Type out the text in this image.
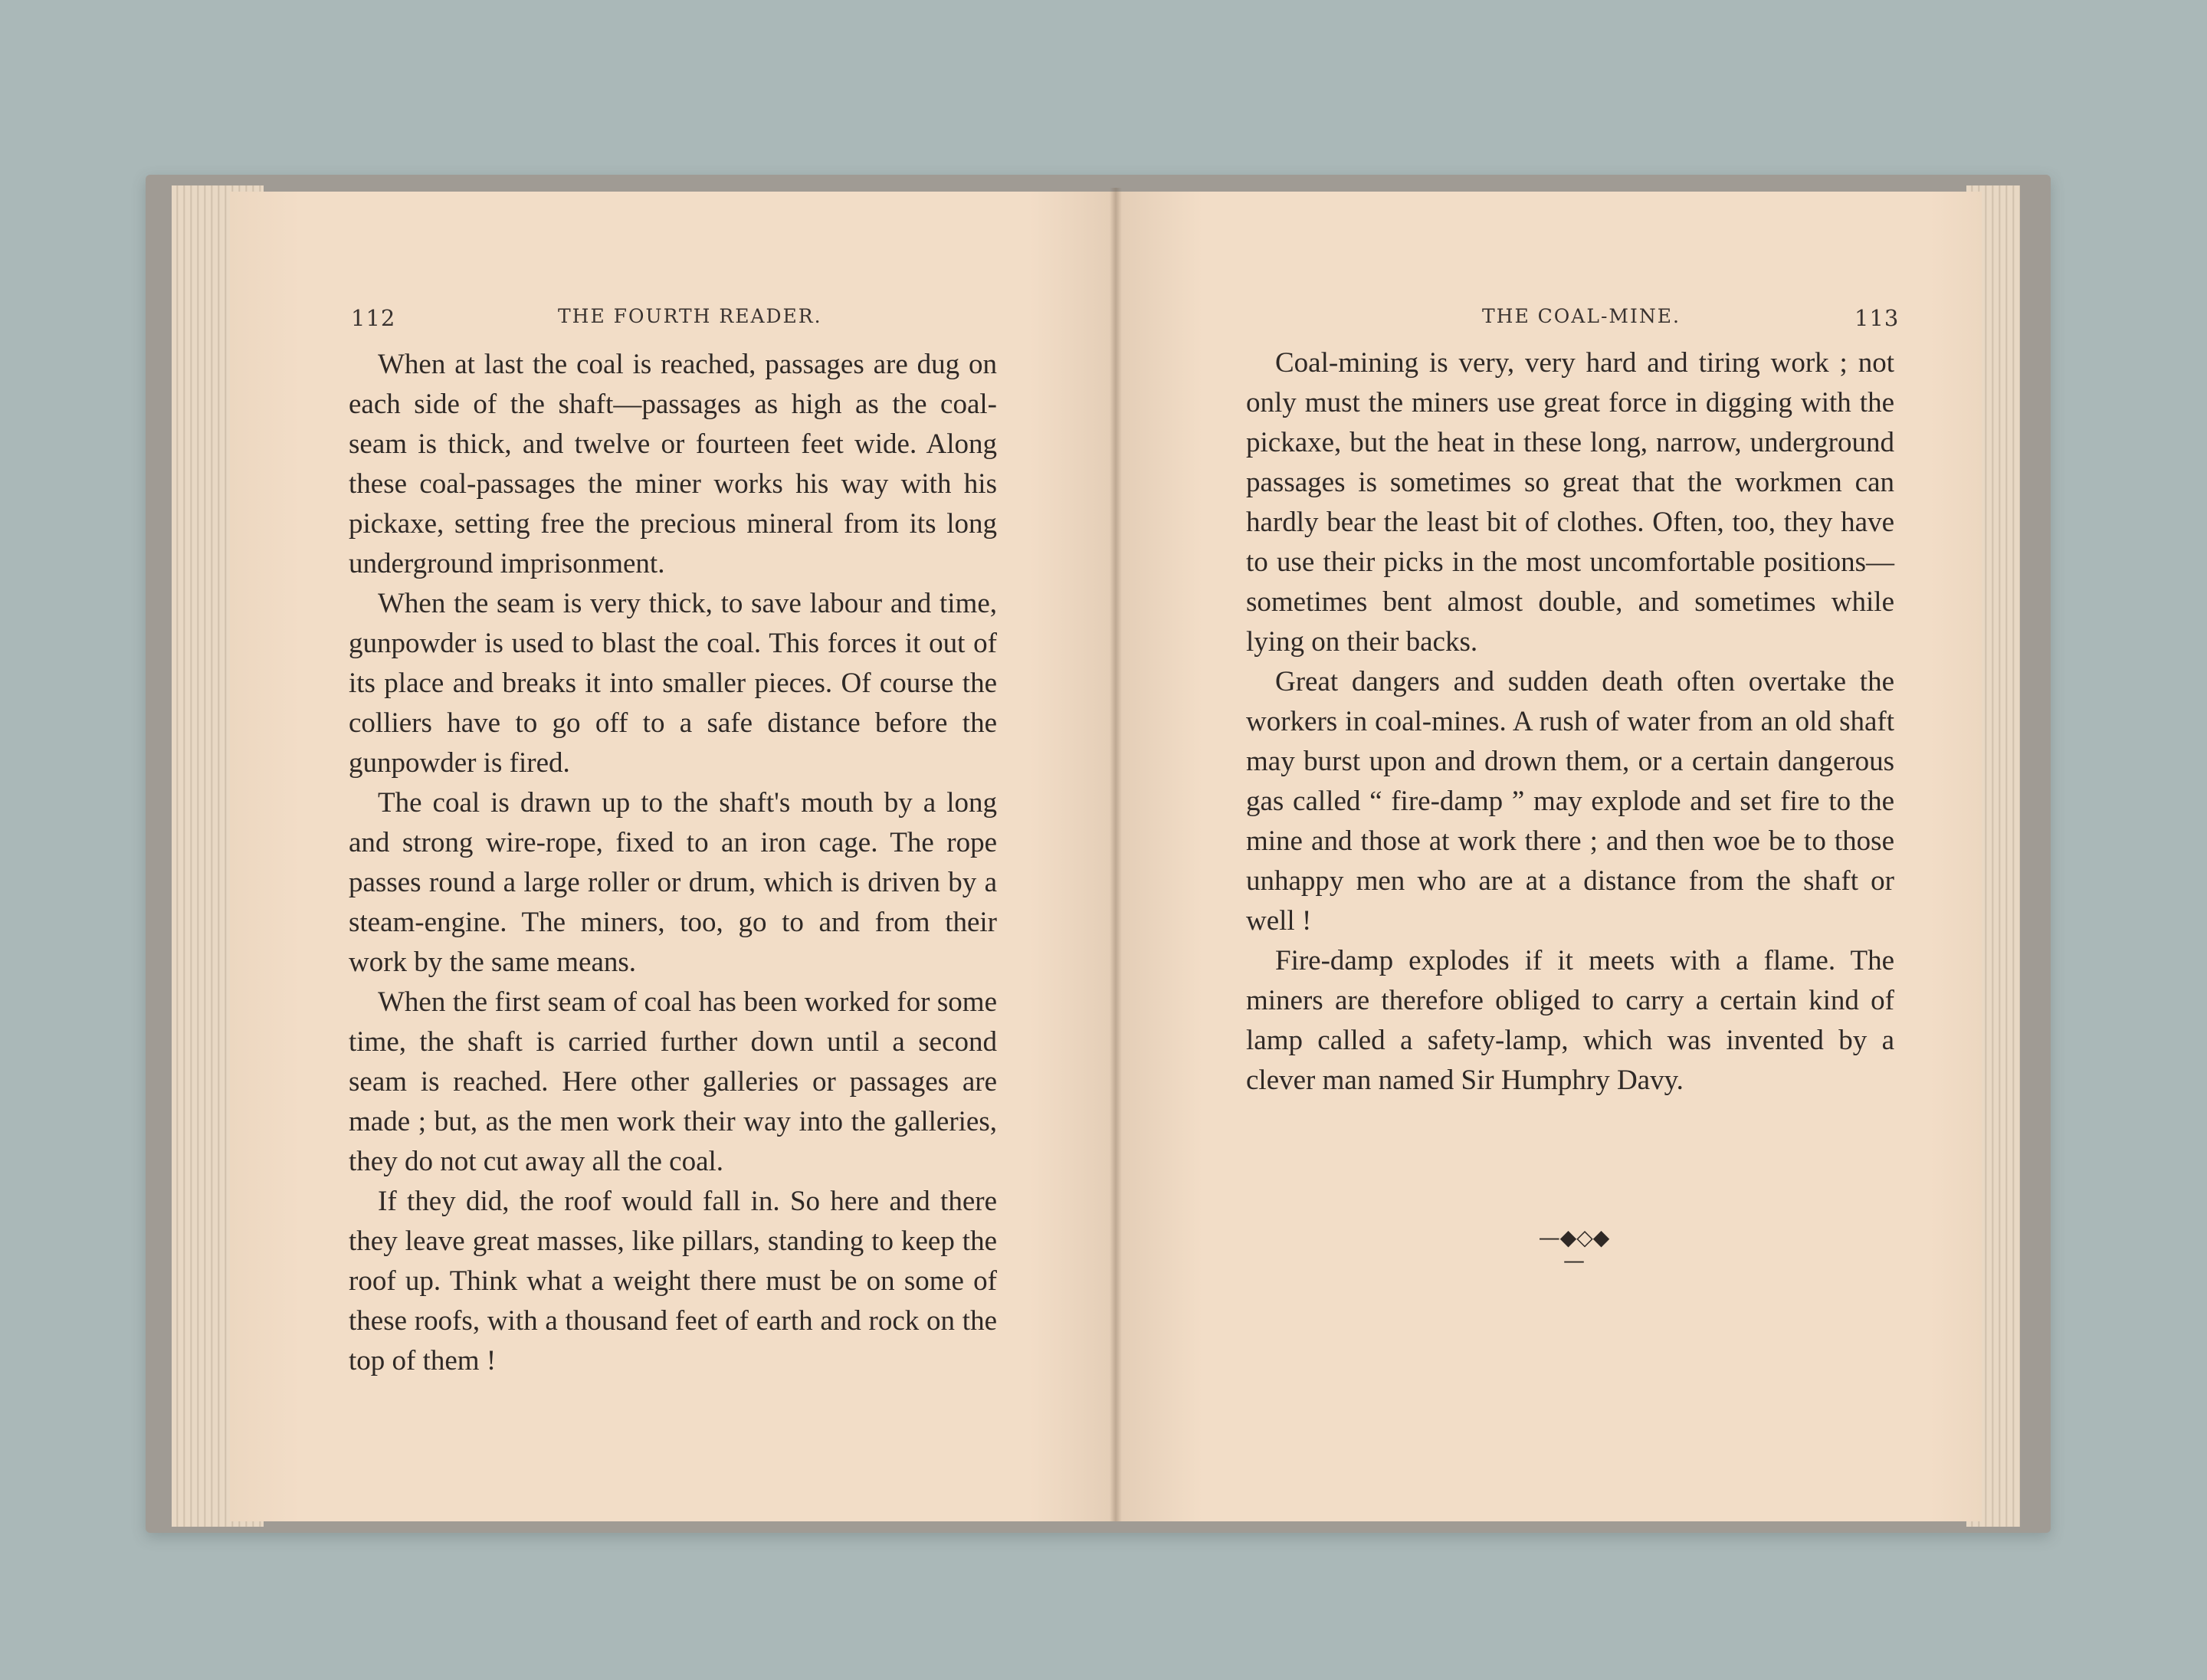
112	THE FOURTH READER.	THE COAL-MINE.	113

When at last the coal is reached, passages are dug on each side of the shaft—passages as high as the coal-seam is thick, and twelve or fourteen feet wide. Along these coal-passages the miner works his way with his pickaxe, setting free the precious mineral from its long underground imprisonment.

When the seam is very thick, to save labour and time, gunpowder is used to blast the coal. This forces it out of its place and breaks it into smaller pieces. Of course the colliers have to go off to a safe distance before the gunpowder is fired.

The coal is drawn up to the shaft's mouth by a long and strong wire-rope, fixed to an iron cage. The rope passes round a large roller or drum, which is driven by a steam-engine. The miners, too, go to and from their work by the same means.

When the first seam of coal has been worked for some time, the shaft is carried further down until a second seam is reached. Here other galleries or passages are made ; but, as the men work their way into the galleries, they do not cut away all the coal.

If they did, the roof would fall in. So here and there they leave great masses, like pillars, standing to keep the roof up. Think what a weight there must be on some of these roofs, with a thousand feet of earth and rock on the top of them !

Coal-mining is very, very hard and tiring work ; not only must the miners use great force in digging with the pickaxe, but the heat in these long, narrow, underground passages is sometimes so great that the workmen can hardly bear the least bit of clothes. Often, too, they have to use their picks in the most uncomfortable positions—sometimes bent almost double, and sometimes while lying on their backs.

Great dangers and sudden death often overtake the workers in coal-mines. A rush of water from an old shaft may burst upon and drown them, or a certain dangerous gas called “ fire-damp ” may explode and set fire to the mine and those at work there ; and then woe be to those unhappy men who are at a distance from the shaft or well !

Fire-damp explodes if it meets with a flame. The miners are therefore obliged to carry a certain kind of lamp called a safety-lamp, which was invented by a clever man named Sir Humphry Davy.

—◆◇◆—
